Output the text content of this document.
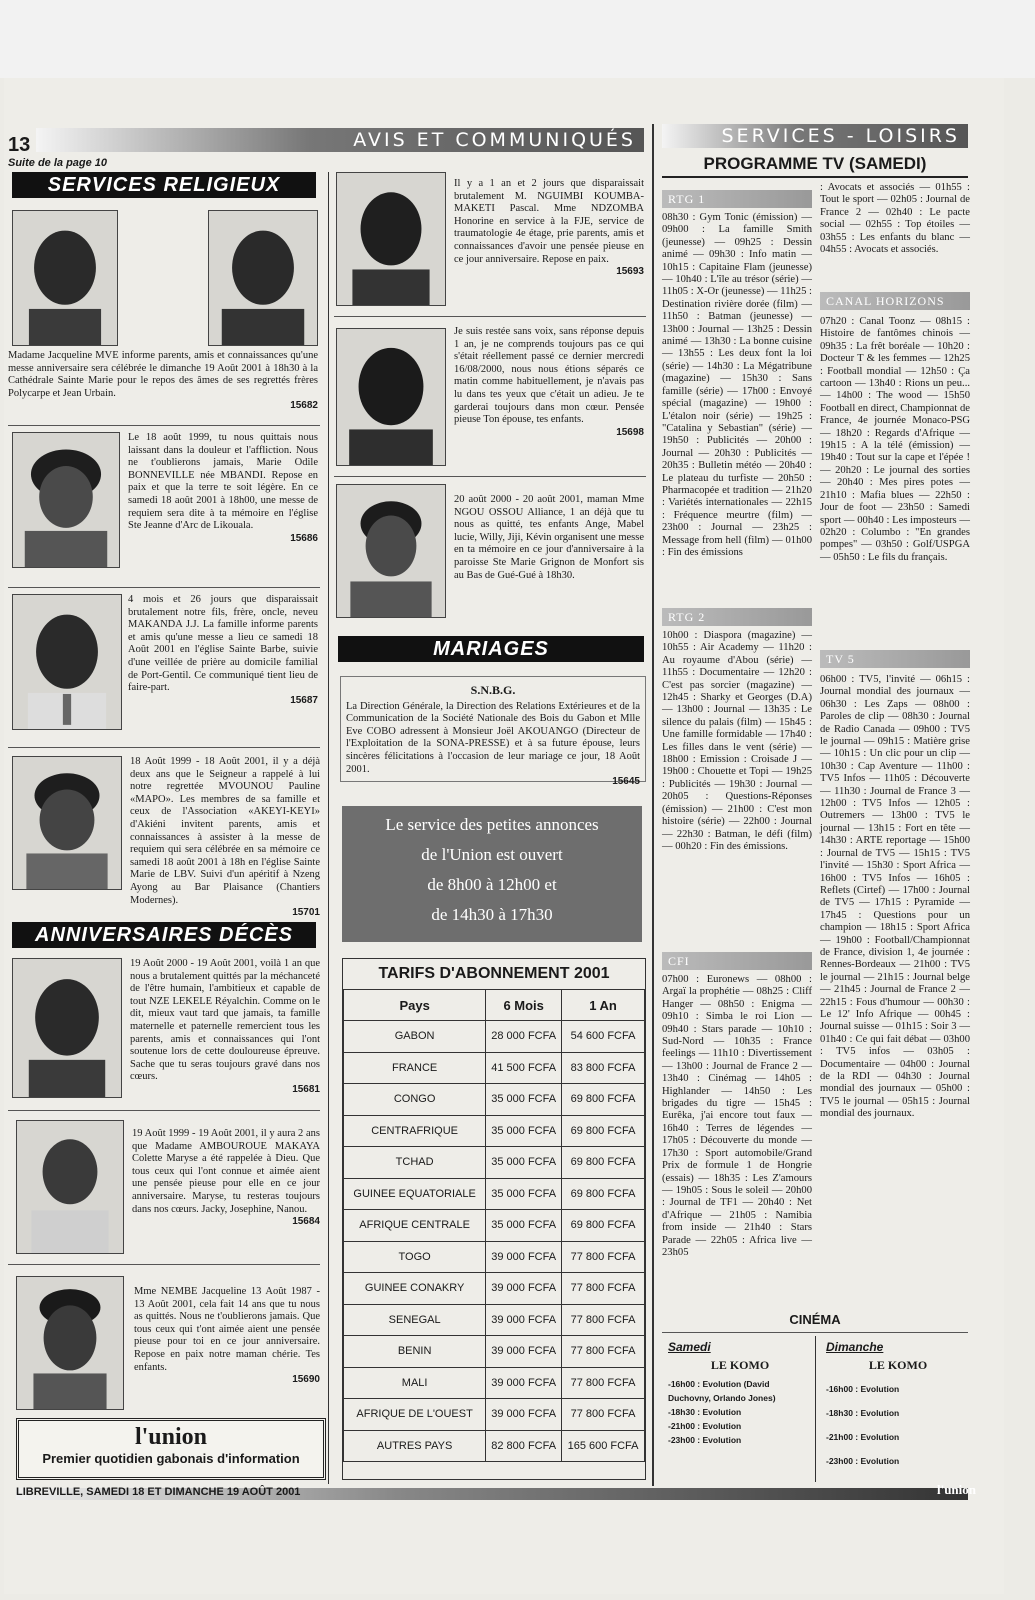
13
Suite de la page 10
AVIS ET COMMUNIQUÉS	SERVICES - LOISIRS
SERVICES RELIGIEUX
Madame Jacqueline MVE informe parents, amis et connaissances qu'une messe anniversaire sera célébrée le dimanche 19 Août 2001 à 18h30 à la Cathédrale Sainte Marie pour le repos des âmes de ses regrettés frères Polycarpe et Jean Urbain.
15682
Le 18 août 1999, tu nous quittais nous laissant dans la douleur et l'affliction. Nous ne t'oublierons jamais, Marie Odile BONNEVILLE née MBANDI. Repose en paix et que la terre te soit légère. En ce samedi 18 août 2001 à 18h00, une messe de requiem sera dite à ta mémoire en l'église Ste Jeanne d'Arc de Likouala.
15686
4 mois et 26 jours que disparaissait brutalement notre fils, frère, oncle, neveu MAKANDA J.J. La famille informe parents et amis qu'une messe a lieu ce samedi 18 Août 2001 en l'église Sainte Barbe, suivie d'une veillée de prière au domicile familial de Port-Gentil. Ce communiqué tient lieu de faire-part.
15687
18 Août 1999 - 18 Août 2001, il y a déjà deux ans que le Seigneur a rappelé à lui notre regrettée MVOUNOU Pauline «MAPO». Les membres de sa famille et ceux de l'Association «AKEYI-KEYI» d'Akiéni invitent parents, amis et connaissances à assister à la messe de requiem qui sera célébrée en sa mémoire ce samedi 18 août 2001 à 18h en l'église Sainte Marie de LBV. Suivi d'un apéritif à Nzeng Ayong au Bar Plaisance (Chantiers Modernes).
15701
ANNIVERSAIRES DÉCÈS
19 Août 2000 - 19 Août 2001, voilà 1 an que nous a brutalement quittés par la méchanceté de l'être humain, l'ambitieux et capable de tout NZE LEKELE Réyalchin. Comme on le dit, mieux vaut tard que jamais, ta famille maternelle et paternelle remercient tous les parents, amis et connaissances qui l'ont soutenue lors de cette douloureuse épreuve. Sache que tu seras toujours gravé dans nos cœurs.
15681
19 Août 1999 - 19 Août 2001, il y aura 2 ans que Madame AMBOUROUE MAKAYA Colette Maryse a été rappelée à Dieu. Que tous ceux qui l'ont connue et aimée aient une pensée pieuse pour elle en ce jour anniversaire. Maryse, tu resteras toujours dans nos cœurs. Jacky, Josephine, Nanou.
15684
Mme NEMBE Jacqueline 13 Août 1987 - 13 Août 2001, cela fait 14 ans que tu nous as quittés. Nous ne t'oublierons jamais. Que tous ceux qui t'ont aimée aient une pensée pieuse pour toi en ce jour anniversaire. Repose en paix notre maman chérie. Tes enfants.
15690
l'union
Premier quotidien gabonais d'information
Il y a 1 an et 2 jours que disparaissait brutalement M. NGUIMBI KOUMBA-MAKETI Pascal. Mme NDZOMBA Honorine en service à la FJE, service de traumatologie 4e étage, prie parents, amis et connaissances d'avoir une pensée pieuse en ce jour anniversaire. Repose en paix.
15693
Je suis restée sans voix, sans réponse depuis 1 an, je ne comprends toujours pas ce qui s'était réellement passé ce dernier mercredi 16/08/2000, nous nous étions séparés ce matin comme habituellement, je n'avais pas lu dans tes yeux que c'était un adieu. Je te garderai toujours dans mon cœur. Pensée pieuse Ton épouse, tes enfants.
15698
20 août 2000 - 20 août 2001, maman Mme NGOU OSSOU Alliance, 1 an déjà que tu nous as quitté, tes enfants Ange, Mabel lucie, Willy, Jiji, Kévin organisent une messe en ta mémoire en ce jour d'anniversaire à la paroisse Ste Marie Grignon de Monfort sis au Bas de Gué-Gué à 18h30.
MARIAGES
S.N.B.G.
La Direction Générale, la Direction des Relations Extérieures et de la Communication de la Société Nationale des Bois du Gabon et Mlle Eve COBO adressent à Monsieur Joël AKOUANGO (Directeur de l'Exploitation de la SONA-PRESSE) et à sa future épouse, leurs sincères félicitations à l'occasion de leur mariage ce jour, 18 Août 2001.
15645
Le service des petites annonces
de l'Union est ouvert
de 8h00 à 12h00 et
de 14h30 à 17h30
TARIFS D'ABONNEMENT 2001
Pays	6 Mois	1 An
GABON	28 000 FCFA	54 600 FCFA
FRANCE	41 500 FCFA	83 800 FCFA
CONGO	35 000 FCFA	69 800 FCFA
CENTRAFRIQUE	35 000 FCFA	69 800 FCFA
TCHAD	35 000 FCFA	69 800 FCFA
GUINEE EQUATORIALE	35 000 FCFA	69 800 FCFA
AFRIQUE CENTRALE	35 000 FCFA	69 800 FCFA
TOGO	39 000 FCFA	77 800 FCFA
GUINEE CONAKRY	39 000 FCFA	77 800 FCFA
SENEGAL	39 000 FCFA	77 800 FCFA
BENIN	39 000 FCFA	77 800 FCFA
MALI	39 000 FCFA	77 800 FCFA
AFRIQUE DE L'OUEST	39 000 FCFA	77 800 FCFA
AUTRES PAYS	82 800 FCFA	165 600 FCFA
PROGRAMME TV (SAMEDI)
RTG 1
08h30 : Gym Tonic (émission) — 09h00 : La famille Smith (jeunesse) — 09h25 : Dessin animé — 09h30 : Info matin — 10h15 : Capitaine Flam (jeunesse) — 10h40 : L'île au trésor (série) — 11h05 : X-Or (jeunesse) — 11h25 : Destination rivière dorée (film) — 11h50 : Batman (jeunesse) — 13h00 : Journal — 13h25 : Dessin animé — 13h30 : La bonne cuisine — 13h55 : Les deux font la loi (série) — 14h30 : La Mégatribune (magazine) — 15h30 : Sans famille (série) — 17h00 : Envoyé spécial (magazine) — 19h00 : L'étalon noir (série) — 19h25 : "Catalina y Sebastian" (série) — 19h50 : Publicités — 20h00 : Journal — 20h30 : Publicités — 20h35 : Bulletin météo — 20h40 : Le plateau du turfiste — 20h50 : Pharmacopée et tradition — 21h20 : Variétés internationales — 22h15 : Fréquence meurtre (film) — 23h00 : Journal — 23h25 : Message from hell (film) — 01h00 : Fin des émissions
RTG 2
10h00 : Diaspora (magazine) — 10h55 : Air Academy — 11h20 : Au royaume d'Abou (série) — 11h55 : Documentaire — 12h20 : C'est pas sorcier (magazine) — 12h45 : Sharky et Georges (D.A) — 13h00 : Journal — 13h35 : Le silence du palais (film) — 15h45 : Une famille formidable — 17h40 : Les filles dans le vent (série) — 18h00 : Emission : Croisade J — 19h00 : Chouette et Topi — 19h25 : Publicités — 19h30 : Journal — 20h05 : Questions-Réponses (émission) — 21h00 : C'est mon histoire (série) — 22h00 : Journal — 22h30 : Batman, le défi (film) — 00h20 : Fin des émissions.
CFI
07h00 : Euronews — 08h00 : Argaï la prophétie — 08h25 : Cliff Hanger — 08h50 : Enigma — 09h10 : Simba le roi Lion — 09h40 : Stars parade — 10h10 : Sud-Nord — 10h35 : France feelings — 11h10 : Divertissement — 13h00 : Journal de France 2 — 13h40 : Cinémag — 14h05 : Highlander — 14h50 : Les brigades du tigre — 15h45 : Eurêka, j'ai encore tout faux — 16h40 : Terres de légendes — 17h05 : Découverte du monde — 17h30 : Sport automobile/Grand Prix de formule 1 de Hongrie (essais) — 18h35 : Les Z'amours — 19h05 : Sous le soleil — 20h00 : Journal de TF1 — 20h40 : Net d'Afrique — 21h05 : Namibia from inside — 21h40 : Stars Parade — 22h05 : Africa live — 23h05
: Avocats et associés — 01h55 : Tout le sport — 02h05 : Journal de France 2 — 02h40 : Le pacte social — 02h55 : Top étoiles — 03h55 : Les enfants du blanc — 04h55 : Avocats et associés.
CANAL HORIZONS
07h20 : Canal Toonz — 08h15 : Histoire de fantômes chinois — 09h35 : La frêt boréale — 10h20 : Docteur T & les femmes — 12h25 : Football mondial — 12h50 : Ça cartoon — 13h40 : Rions un peu... — 14h00 : The wood — 15h50 Football en direct, Championnat de France, 4e journée Monaco-PSG — 18h20 : Regards d'Afrique — 19h15 : A la télé (émission) — 19h40 : Tout sur la cape et l'épée ! — 20h20 : Le journal des sorties — 20h40 : Mes pires potes — 21h10 : Mafia blues — 22h50 : Jour de foot — 23h50 : Samedi sport — 00h40 : Les imposteurs — 02h20 : Columbo : "En grandes pompes" — 03h50 : Golf/USPGA — 05h50 : Le fils du français.
TV 5
06h00 : TV5, l'invité — 06h15 : Journal mondial des journaux — 06h30 : Les Zaps — 08h00 : Paroles de clip — 08h30 : Journal de Radio Canada — 09h00 : TV5 le journal — 09h15 : Matière grise — 10h15 : Un clic pour un clip — 10h30 : Cap Aventure — 11h00 : TV5 Infos — 11h05 : Découverte — 11h30 : Journal de France 3 — 12h00 : TV5 Infos — 12h05 : Outremers — 13h00 : TV5 le journal — 13h15 : Fort en tête — 14h30 : ARTE reportage — 15h00 : Journal de TV5 — 15h15 : TV5 l'invité — 15h30 : Sport Africa — 16h00 : TV5 Infos — 16h05 : Reflets (Cirtef) — 17h00 : Journal de TV5 — 17h15 : Pyramide — 17h45 : Questions pour un champion — 18h15 : Sport Africa — 19h00 : Football/Championnat de France, division 1, 4e journée : Rennes-Bordeaux — 21h00 : TV5 le journal — 21h15 : Journal belge — 21h45 : Journal de France 2 — 22h15 : Fous d'humour — 00h30 : Le 12' Info Afrique — 00h45 : Journal suisse — 01h15 : Soir 3 — 01h40 : Ce qui fait débat — 03h00 : TV5 infos — 03h05 : Documentaire — 04h00 : Journal de la RDI — 04h30 : Journal mondial des journaux — 05h00 : TV5 le journal — 05h15 : Journal mondial des journaux.
CINÉMA
Samedi
LE KOMO
-16h00 : Evolution (David Duchovny, Orlando Jones)
-18h30 : Evolution
-21h00 : Evolution
-23h00 : Evolution
Dimanche
LE KOMO
-16h00 : Evolution
-18h30 : Evolution
-21h00 : Evolution
-23h00 : Evolution
LIBREVILLE, SAMEDI 18 ET DIMANCHE 19 AOÛT 2001	l'union
